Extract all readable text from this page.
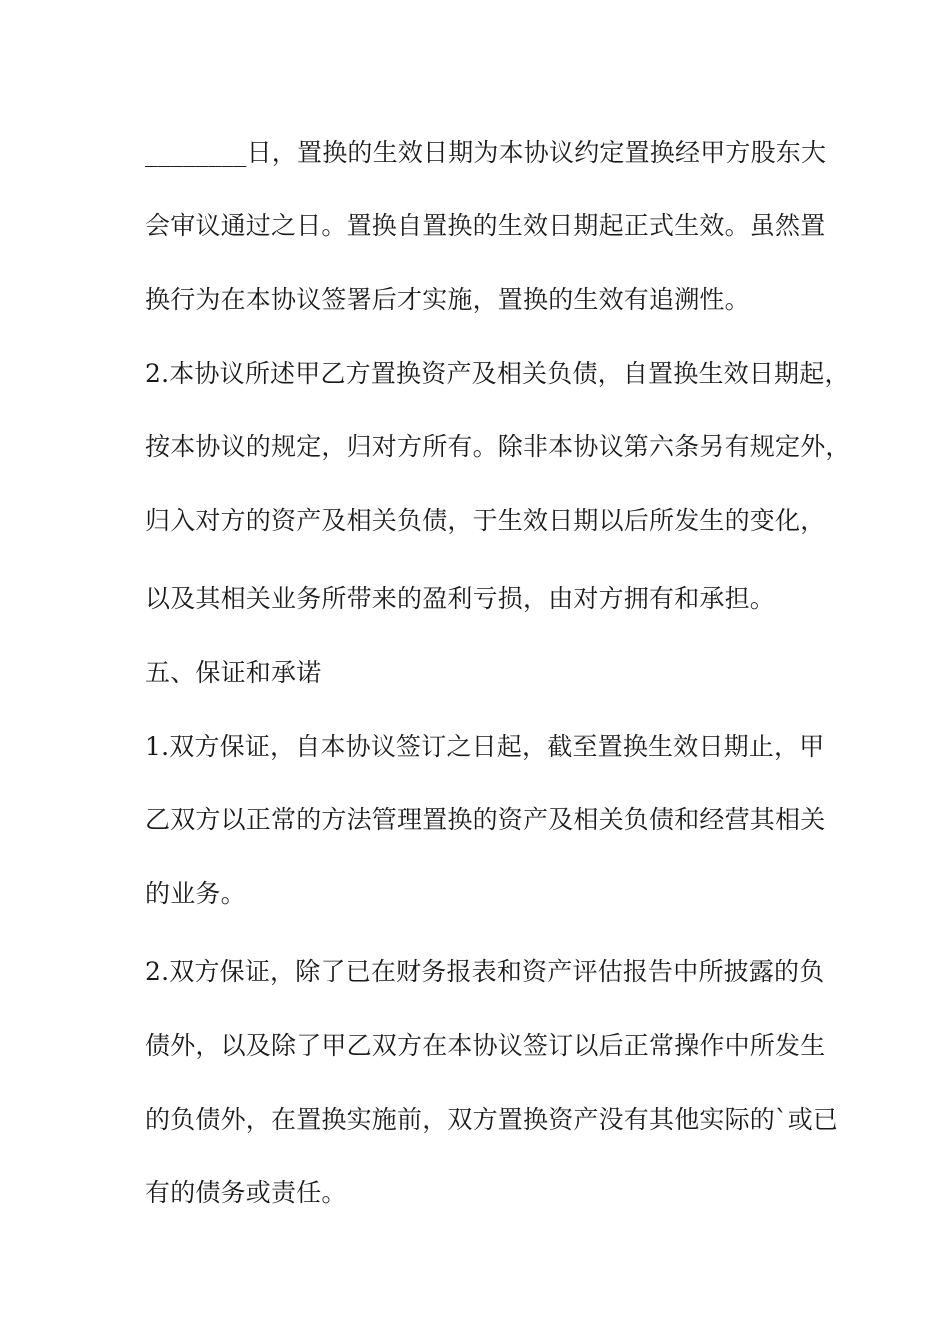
________日，置换的生效日期为本协议约定置换经甲方股东大
会审议通过之日。置换自置换的生效日期起正式生效。虽然置
换行为在本协议签署后才实施，置换的生效有追溯性。
2.本协议所述甲乙方置换资产及相关负债，自置换生效日期起，
按本协议的规定，归对方所有。除非本协议第六条另有规定外，
归入对方的资产及相关负债，于生效日期以后所发生的变化，
以及其相关业务所带来的盈利亏损，由对方拥有和承担。
五、保证和承诺
1.双方保证，自本协议签订之日起，截至置换生效日期止，甲
乙双方以正常的方法管理置换的资产及相关负债和经营其相关
的业务。
2.双方保证，除了已在财务报表和资产评估报告中所披露的负
债外，以及除了甲乙双方在本协议签订以后正常操作中所发生
的负债外，在置换实施前，双方置换资产没有其他实际的`或已
有的债务或责任。
